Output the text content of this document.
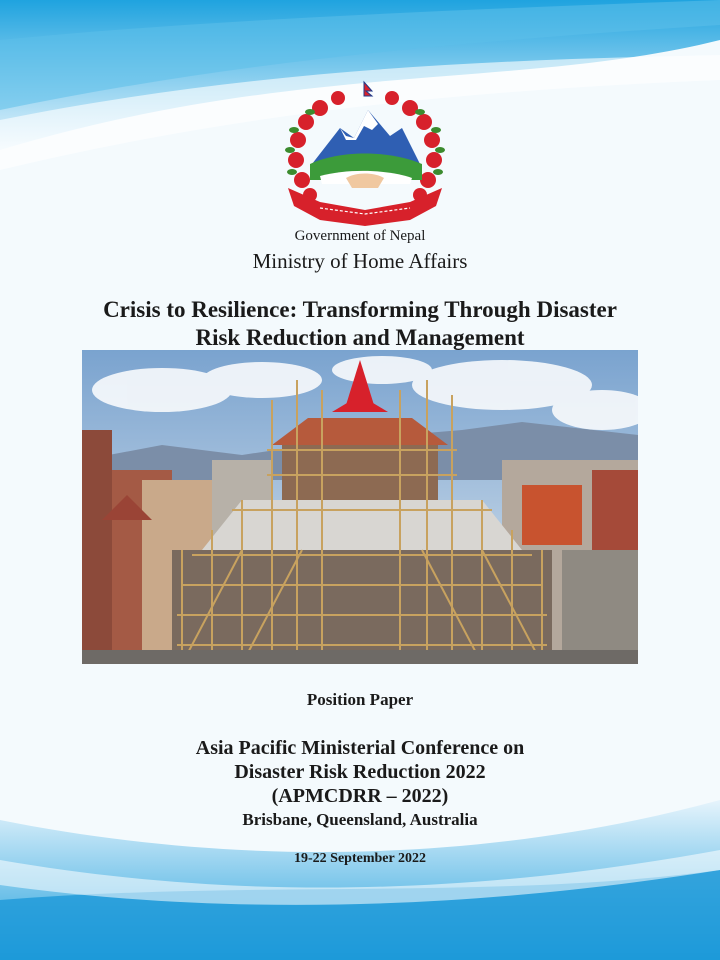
Government of Nepal
Ministry of Home Affairs
Crisis to Resilience: Transforming Through Disaster
Risk Reduction and Management
Position Paper
Asia Pacific Ministerial Conference on
Disaster Risk Reduction 2022
(APMCDRR – 2022)
Brisbane, Queensland, Australia
19-22 September 2022
